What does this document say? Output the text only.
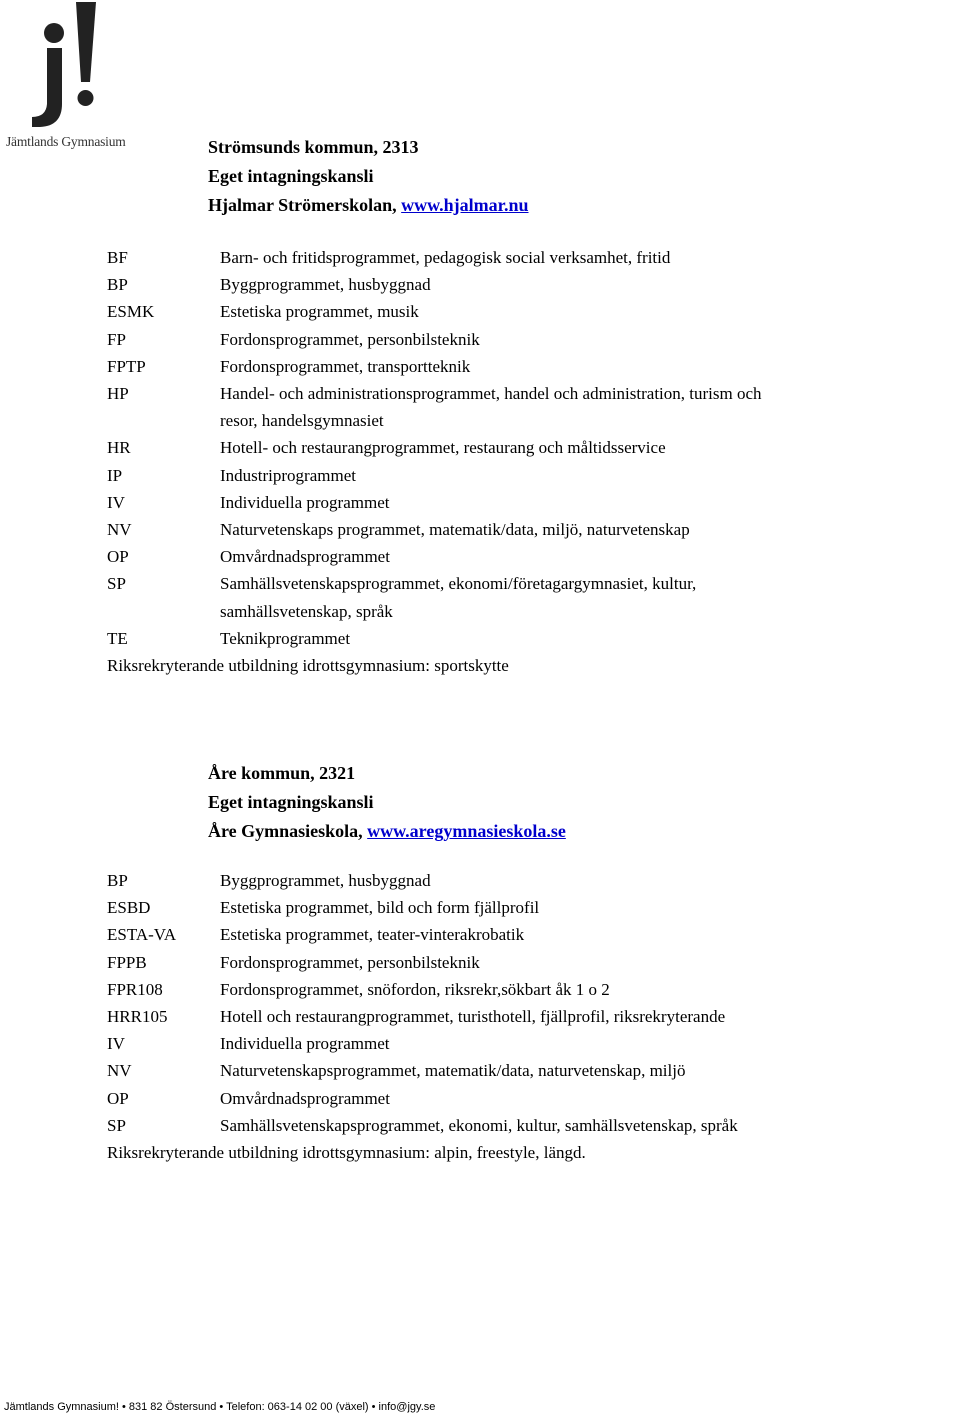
Jämtlands Gymnasium	Strömsunds kommun, 2313
Eget intagningskansli
Hjalmar Strömerskolan, www.hjalmar.nu
BF	Barn- och fritidsprogrammet, pedagogisk social verksamhet, fritid
BP	Byggprogrammet, husbyggnad
ESMK	Estetiska programmet, musik
FP	Fordonsprogrammet, personbilsteknik
FPTP	Fordonsprogrammet, transportteknik
HP	Handel- och administrationsprogrammet, handel och administration, turism och resor, handelsgymnasiet
HR	Hotell- och restaurangprogrammet, restaurang och måltidsservice
IP	Industriprogrammet
IV	Individuella programmet
NV	Naturvetenskaps programmet, matematik/data, miljö, naturvetenskap
OP	Omvårdnadsprogrammet
SP	Samhällsvetenskapsprogrammet, ekonomi/företagargymnasiet, kultur, samhällsvetenskap, språk
TE	Teknikprogrammet
Riksrekryterande utbildning idrottsgymnasium: sportskytte
Åre kommun, 2321
Eget intagningskansli
Åre Gymnasieskola, www.aregymnasieskola.se
BP	Byggprogrammet, husbyggnad
ESBD	Estetiska programmet, bild och form fjällprofil
ESTA-VA	Estetiska programmet, teater-vinterakrobatik
FPPB	Fordonsprogrammet, personbilsteknik
FPR108	Fordonsprogrammet, snöfordon, riksrekr,sökbart åk 1 o 2
HRR105	Hotell och restaurangprogrammet, turisthotell, fjällprofil, riksrekryterande
IV	Individuella programmet
NV	Naturvetenskapsprogrammet, matematik/data, naturvetenskap, miljö
OP	Omvårdnadsprogrammet
SP	Samhällsvetenskapsprogrammet, ekonomi, kultur, samhällsvetenskap, språk
Riksrekryterande utbildning idrottsgymnasium: alpin, freestyle, längd.
Jämtlands Gymnasium! • 831 82 Östersund • Telefon: 063-14 02 00 (växel) • info@jgy.se
